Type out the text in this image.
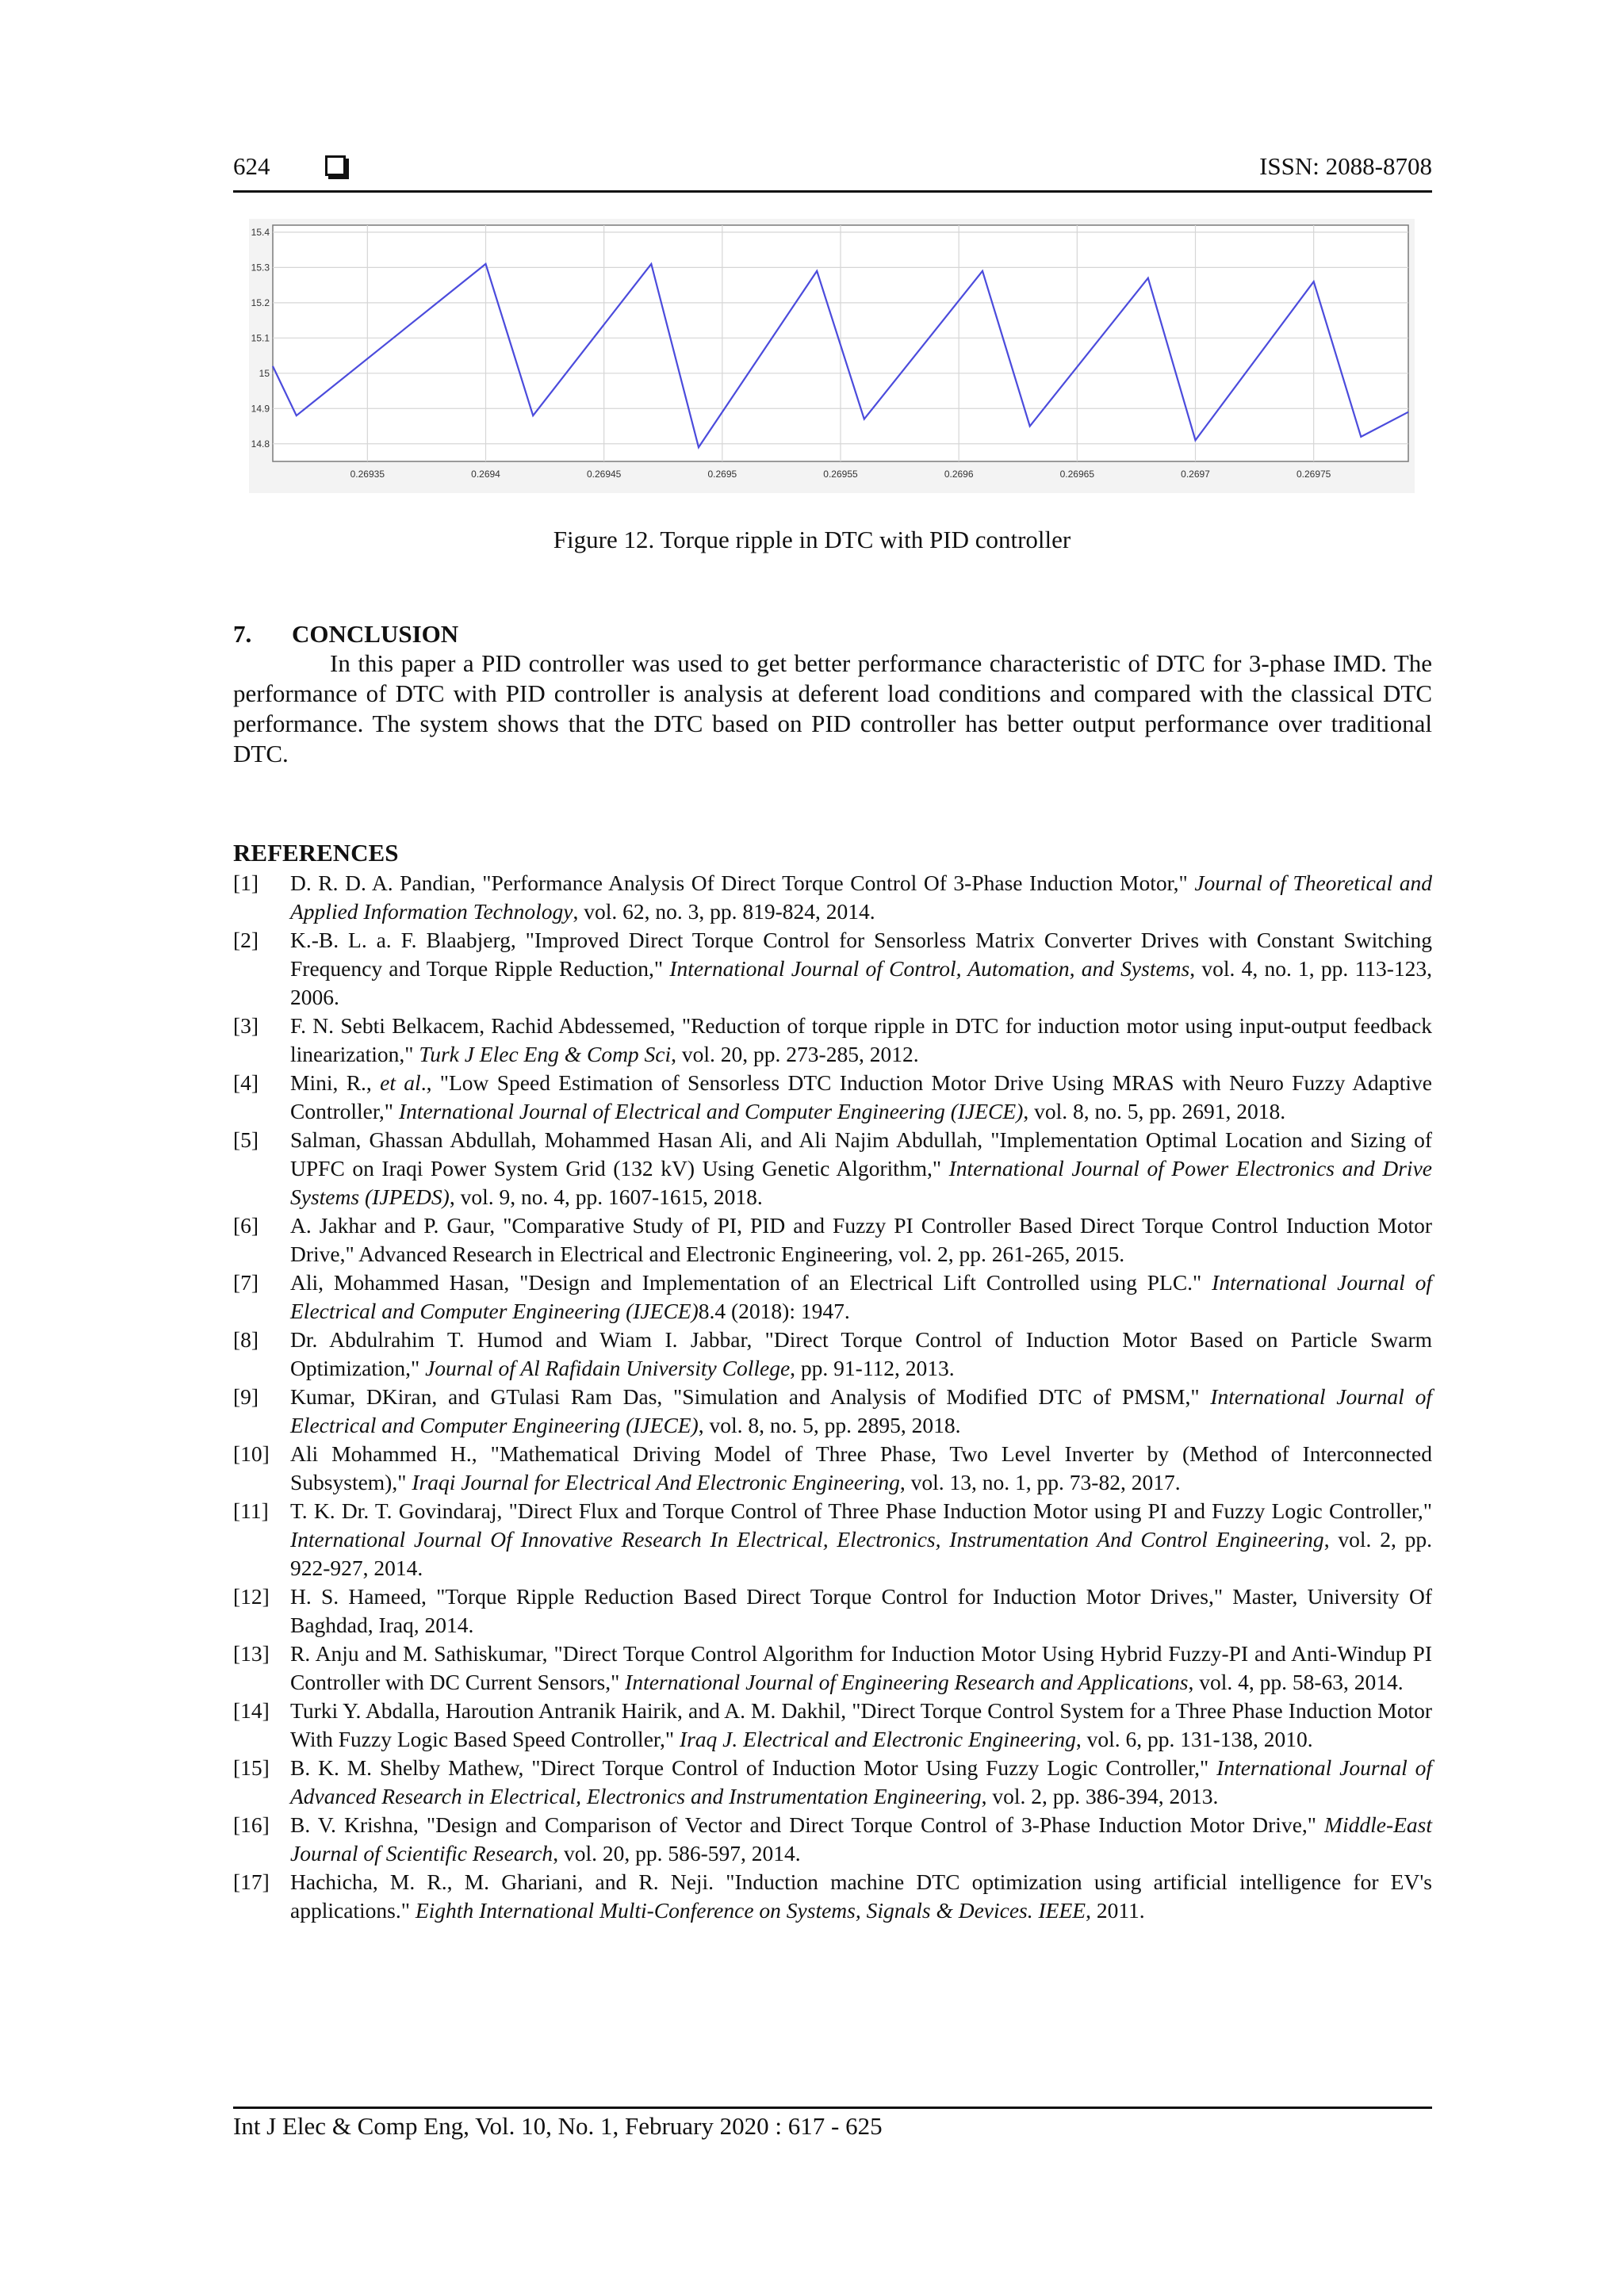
624	ISSN: 2088-8708
0.26935	0.2694	0.26945	0.2695	0.26955	0.2696	0.26965	0.2697	0.26975
14.8
14.9
15
15.1
15.2
15.3
15.4
Figure 12. Torque ripple in DTC with PID controller
7. CONCLUSION

In this paper a PID controller was used to get better performance characteristic of DTC for 3-phase IMD. The performance of DTC with PID controller is analysis at deferent load conditions and compared with the classical DTC performance. The system shows that the DTC based on PID controller has better output performance over traditional DTC.

REFERENCES
[1] D. R. D. A. Pandian, "Performance Analysis Of Direct Torque Control Of 3-Phase Induction Motor," Journal of Theoretical and Applied Information Technology, vol. 62, no. 3, pp. 819-824, 2014.
[2] K.-B. L. a. F. Blaabjerg, "Improved Direct Torque Control for Sensorless Matrix Converter Drives with Constant Switching Frequency and Torque Ripple Reduction," International Journal of Control, Automation, and Systems, vol. 4, no. 1, pp. 113-123, 2006.
[3] F. N. Sebti Belkacem, Rachid Abdessemed, "Reduction of torque ripple in DTC for induction motor using input-output feedback linearization," Turk J Elec Eng & Comp Sci, vol. 20, pp. 273-285, 2012.
[4] Mini, R., et al., "Low Speed Estimation of Sensorless DTC Induction Motor Drive Using MRAS with Neuro Fuzzy Adaptive Controller," International Journal of Electrical and Computer Engineering (IJECE), vol. 8, no. 5, pp. 2691, 2018.
[5] Salman, Ghassan Abdullah, Mohammed Hasan Ali, and Ali Najim Abdullah, "Implementation Optimal Location and Sizing of UPFC on Iraqi Power System Grid (132 kV) Using Genetic Algorithm," International Journal of Power Electronics and Drive Systems (IJPEDS), vol. 9, no. 4, pp. 1607-1615, 2018.
[6] A. Jakhar and P. Gaur, "Comparative Study of PI, PID and Fuzzy PI Controller Based Direct Torque Control Induction Motor Drive," Advanced Research in Electrical and Electronic Engineering, vol. 2, pp. 261-265, 2015.
[7] Ali, Mohammed Hasan, "Design and Implementation of an Electrical Lift Controlled using PLC." International Journal of Electrical and Computer Engineering (IJECE)8.4 (2018): 1947.
[8] Dr. Abdulrahim T. Humod and Wiam I. Jabbar, "Direct Torque Control of Induction Motor Based on Particle Swarm Optimization," Journal of Al Rafidain University College, pp. 91-112, 2013.
[9] Kumar, DKiran, and GTulasi Ram Das, "Simulation and Analysis of Modified DTC of PMSM," International Journal of Electrical and Computer Engineering (IJECE), vol. 8, no. 5, pp. 2895, 2018.
[10] Ali Mohammed H., "Mathematical Driving Model of Three Phase, Two Level Inverter by (Method of Interconnected Subsystem)," Iraqi Journal for Electrical And Electronic Engineering, vol. 13, no. 1, pp. 73-82, 2017.
[11] T. K. Dr. T. Govindaraj, "Direct Flux and Torque Control of Three Phase Induction Motor using PI and Fuzzy Logic Controller," International Journal Of Innovative Research In Electrical, Electronics, Instrumentation And Control Engineering, vol. 2, pp. 922-927, 2014.
[12] H. S. Hameed, "Torque Ripple Reduction Based Direct Torque Control for Induction Motor Drives," Master, University Of Baghdad, Iraq, 2014.
[13] R. Anju and M. Sathiskumar, "Direct Torque Control Algorithm for Induction Motor Using Hybrid Fuzzy-PI and Anti-Windup PI Controller with DC Current Sensors," International Journal of Engineering Research and Applications, vol. 4, pp. 58-63, 2014.
[14] Turki Y. Abdalla, Haroution Antranik Hairik, and A. M. Dakhil, "Direct Torque Control System for a Three Phase Induction Motor With Fuzzy Logic Based Speed Controller," Iraq J. Electrical and Electronic Engineering, vol. 6, pp. 131-138, 2010.
[15] B. K. M. Shelby Mathew, "Direct Torque Control of Induction Motor Using Fuzzy Logic Controller," International Journal of Advanced Research in Electrical, Electronics and Instrumentation Engineering, vol. 2, pp. 386-394, 2013.
[16] B. V. Krishna, "Design and Comparison of Vector and Direct Torque Control of 3-Phase Induction Motor Drive," Middle-East Journal of Scientific Research, vol. 20, pp. 586-597, 2014.
[17] Hachicha, M. R., M. Ghariani, and R. Neji. "Induction machine DTC optimization using artificial intelligence for EV's applications." Eighth International Multi-Conference on Systems, Signals & Devices. IEEE, 2011.
Int J Elec & Comp Eng, Vol. 10, No. 1, February 2020 : 617 - 625
